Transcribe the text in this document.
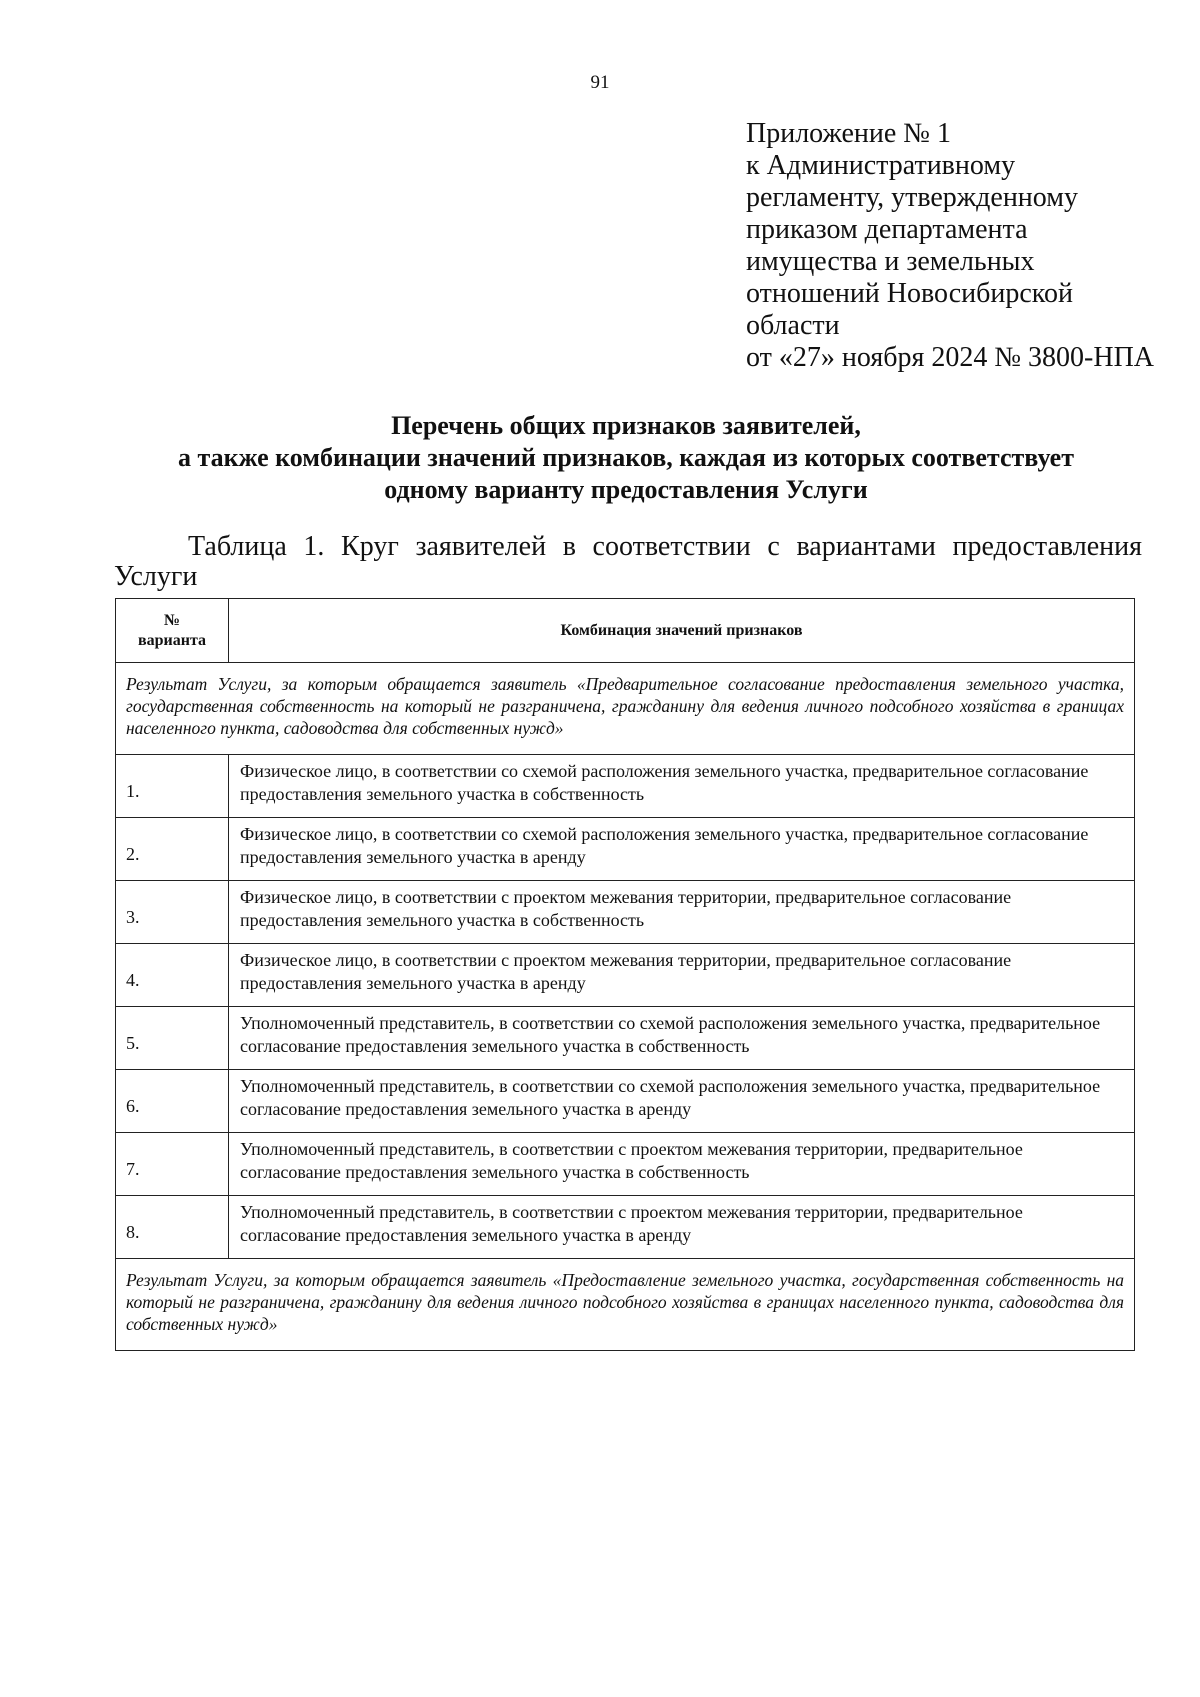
91
Приложение № 1
к Административному
регламенту, утвержденному
приказом департамента
имущества и земельных
отношений Новосибирской
области
от «27» ноября 2024 № 3800-НПА
Перечень общих признаков заявителей,
а также комбинации значений признаков, каждая из которых соответствует
одному варианту предоставления Услуги
Таблица 1. Круг заявителей в соответствии с вариантами предоставления Услуги
№
варианта	Комбинация значений признаков
Результат Услуги, за которым обращается заявитель «Предварительное согласование предоставления земельного участка, государственная собственность на который не разграничена, гражданину для ведения личного подсобного хозяйства в границах населенного пункта, садоводства для собственных нужд»	
1.	Физическое лицо, в соответствии со схемой расположения земельного участка, предварительное согласование предоставления земельного участка в собственность
2.	Физическое лицо, в соответствии со схемой расположения земельного участка, предварительное согласование предоставления земельного участка в аренду
3.	Физическое лицо, в соответствии с проектом межевания территории, предварительное согласование предоставления земельного участка в собственность
4.	Физическое лицо, в соответствии с проектом межевания территории, предварительное согласование предоставления земельного участка в аренду
5.	Уполномоченный представитель, в соответствии со схемой расположения земельного участка, предварительное согласование предоставления земельного участка в собственность
6.	Уполномоченный представитель, в соответствии со схемой расположения земельного участка, предварительное согласование предоставления земельного участка в аренду
7.	Уполномоченный представитель, в соответствии с проектом межевания территории, предварительное согласование предоставления земельного участка в собственность
8.	Уполномоченный представитель, в соответствии с проектом межевания территории, предварительное согласование предоставления земельного участка в аренду
Результат Услуги, за которым обращается заявитель «Предоставление земельного участка, государственная собственность на который не разграничена, гражданину для ведения личного подсобного хозяйства в границах населенного пункта, садоводства для собственных нужд»	
